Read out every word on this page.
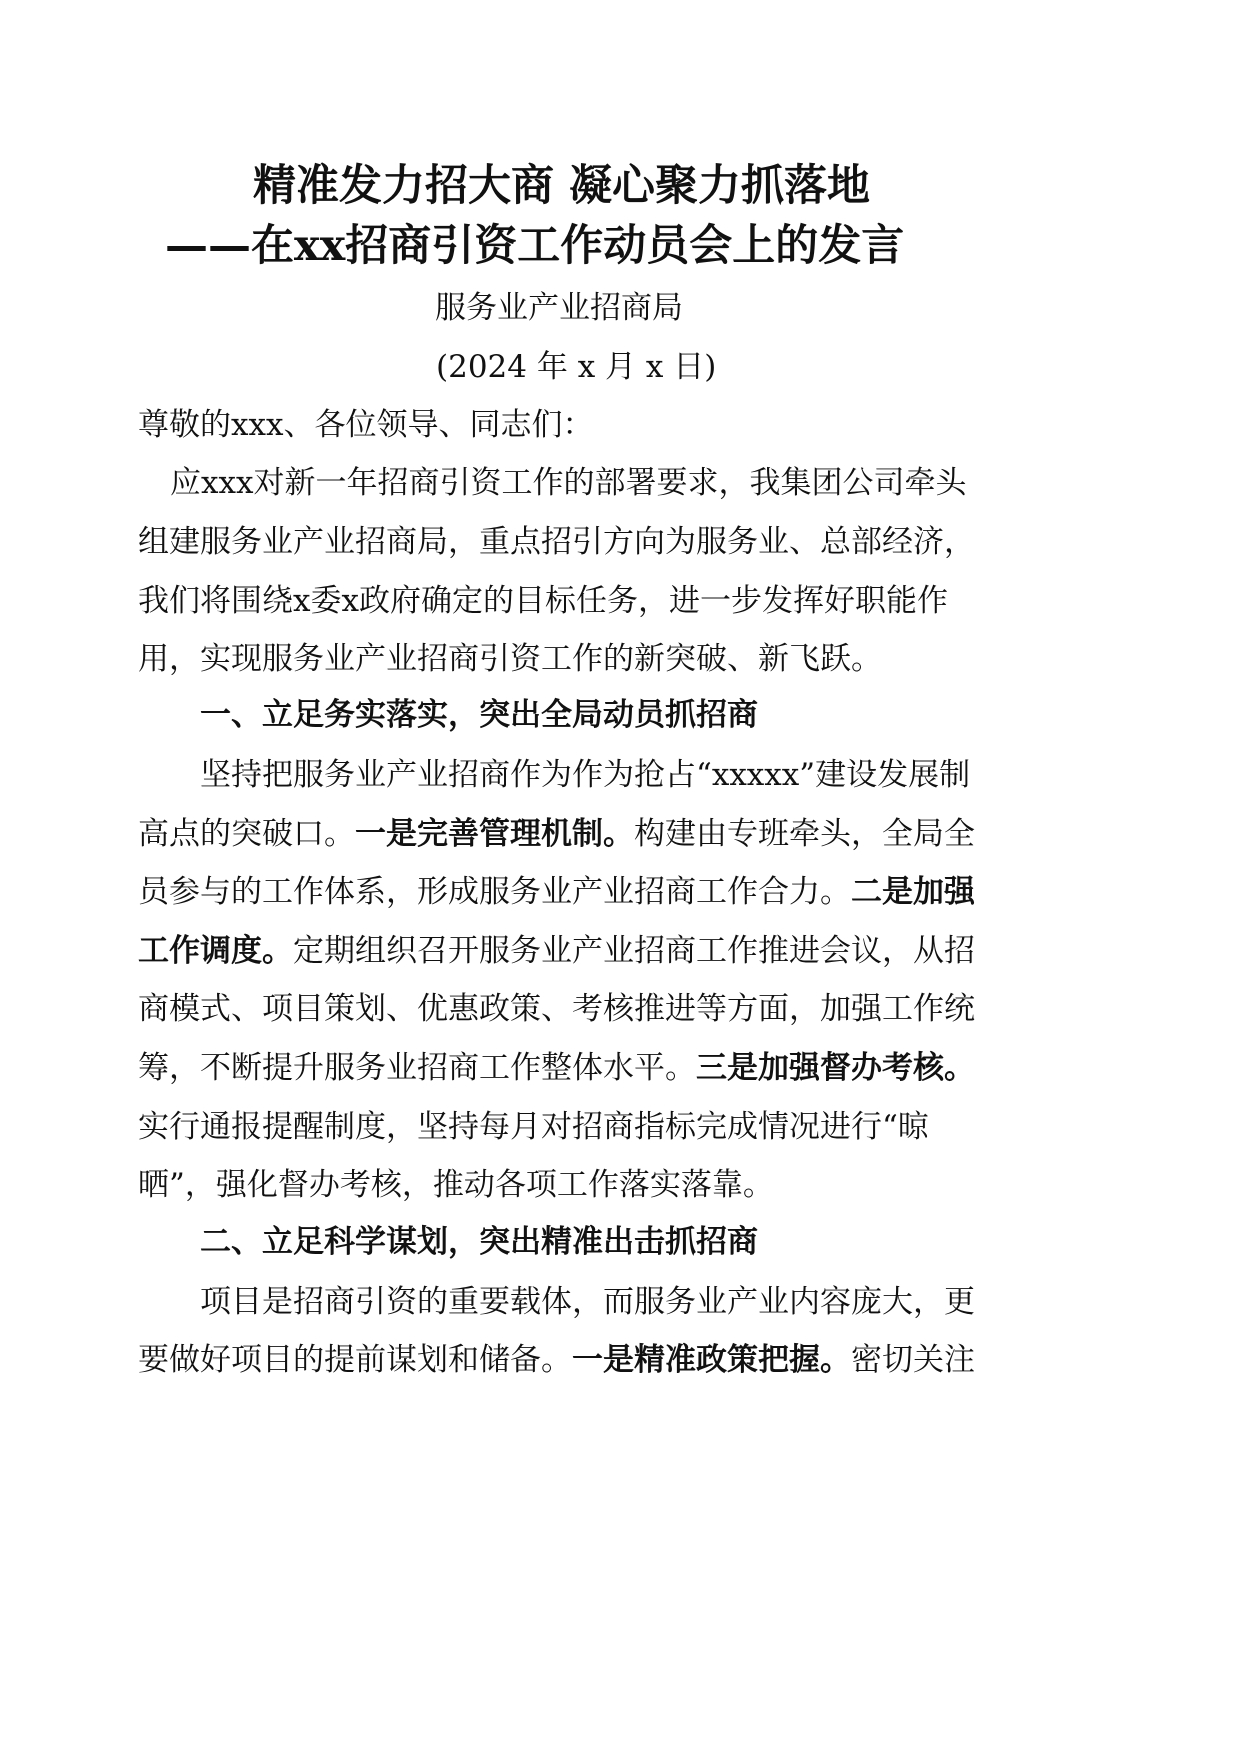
精准发力招大商 凝心聚力抓落地
——在xx招商引资工作动员会上的发言
服务业产业招商局
(2024 年 x 月 x 日)
尊敬的xxx、各位领导、同志们：
应xxx对新一年招商引资工作的部署要求，我集团公司牵头
组建服务业产业招商局，重点招引方向为服务业、总部经济，
我们将围绕x委x政府确定的目标任务，进一步发挥好职能作
用，实现服务业产业招商引资工作的新突破、新飞跃。
一、立足务实落实，突出全局动员抓招商
坚持把服务业产业招商作为作为抢占“xxxxx”建设发展制
高点的突破口。一是完善管理机制。构建由专班牵头，全局全
员参与的工作体系，形成服务业产业招商工作合力。二是加强
工作调度。定期组织召开服务业产业招商工作推进会议，从招
商模式、项目策划、优惠政策、考核推进等方面，加强工作统
筹，不断提升服务业招商工作整体水平。三是加强督办考核。
实行通报提醒制度，坚持每月对招商指标完成情况进行“晾
晒”，强化督办考核，推动各项工作落实落靠。
二、立足科学谋划，突出精准出击抓招商
项目是招商引资的重要载体，而服务业产业内容庞大，更
要做好项目的提前谋划和储备。一是精准政策把握。密切关注
